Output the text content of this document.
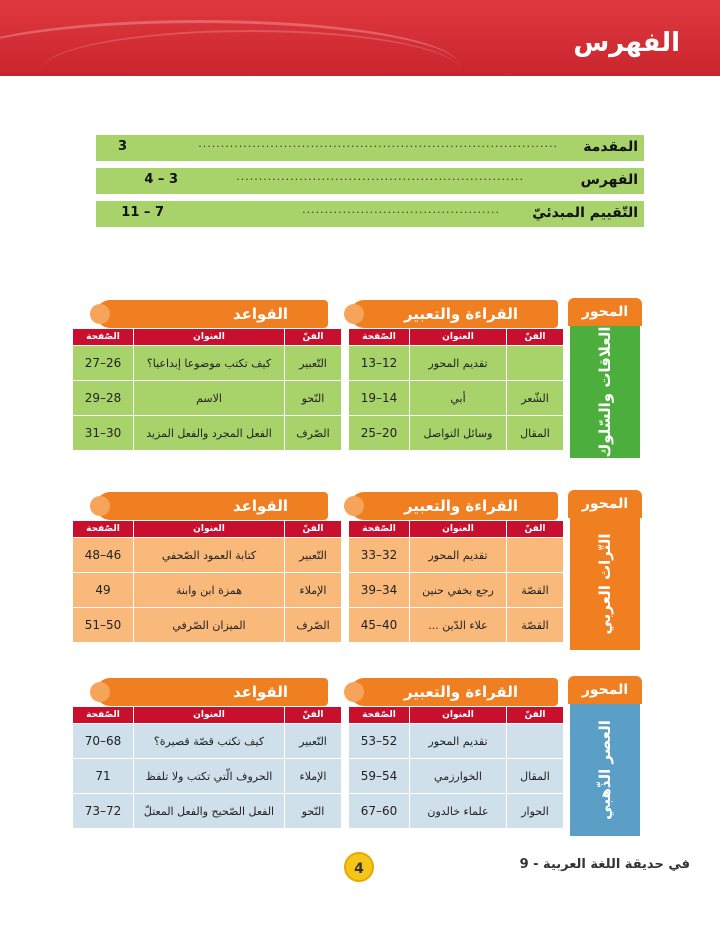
الفهرس
المقدمة
................................................................................
3
الفهرس
................................................................
4 – 3
التّقييم المبدئيّ
............................................
11 – 7
المحور
العلاقات والسّلوك
القراءة والتعبير
القواعد
الفنّ	العنوان	الصّفحة
	تقديم المحور	13–12
الشّعر	أبي	19–14
المقال	وسائل التواصل	25–20
الفنّ	العنوان	الصّفحة
التّعبير	كيف تكتب موضوعا إبداعيا؟	27–26
النّحو	الاسم	29–28
الصّرف	الفعل المجرد والفعل المزيد	31–30
المحور
التّراث العربي
القراءة والتعبير
القواعد
الفنّ	العنوان	الصّفحة
	تقديم المحور	33–32
القصّة	رجع بخفي حنين	39–34
القصّة	علاء الدّين ...	45–40
الفنّ	العنوان	الصّفحة
التّعبير	كتابة العمود الصّحفي	48–46
الإملاء	همزة ابن وابنة	49
الصّرف	الميزان الصّرفي	51–50
المحور
العصر الذّهبي
القراءة والتعبير
القواعد
الفنّ	العنوان	الصّفحة
	تقديم المحور	53–52
المقال	الخوارزمي	59–54
الحوار	علماء خالدون	67–60
الفنّ	العنوان	الصّفحة
التّعبير	كيف تكتب قصّة قصيرة؟	70–68
الإملاء	الحروف الّتي تكتب ولا تلفظ	71
النّحو	الفعل الصّحيح والفعل المعتلّ	73–72
4	في حديقة اللغة العربية - 9
